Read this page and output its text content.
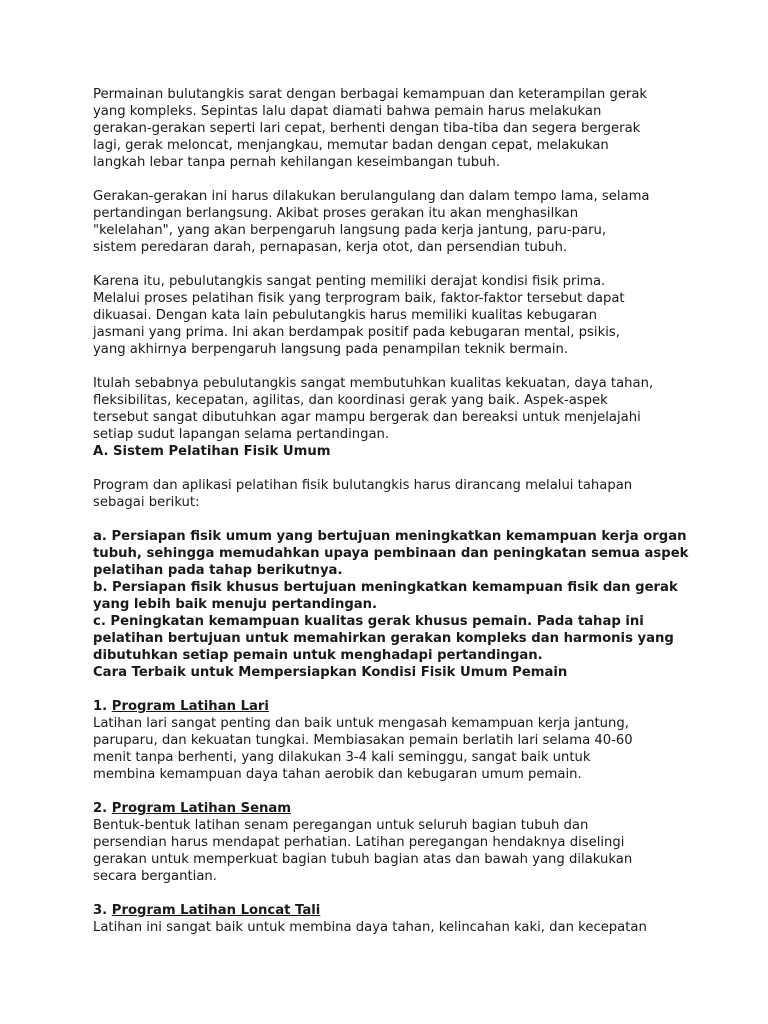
Permainan bulutangkis sarat dengan berbagai kemampuan dan keterampilan gerak
yang kompleks. Sepintas lalu dapat diamati bahwa pemain harus melakukan
gerakan-gerakan seperti lari cepat, berhenti dengan tiba-tiba dan segera bergerak
lagi, gerak meloncat, menjangkau, memutar badan dengan cepat, melakukan
langkah lebar tanpa pernah kehilangan keseimbangan tubuh.

Gerakan-gerakan ini harus dilakukan berulangulang dan dalam tempo lama, selama
pertandingan berlangsung. Akibat proses gerakan itu akan menghasilkan
"kelelahan", yang akan berpengaruh langsung pada kerja jantung, paru-paru,
sistem peredaran darah, pernapasan, kerja otot, dan persendian tubuh.

Karena itu, pebulutangkis sangat penting memiliki derajat kondisi fisik prima.
Melalui proses pelatihan fisik yang terprogram baik, faktor-faktor tersebut dapat
dikuasai. Dengan kata lain pebulutangkis harus memiliki kualitas kebugaran
jasmani yang prima. Ini akan berdampak positif pada kebugaran mental, psikis,
yang akhirnya berpengaruh langsung pada penampilan teknik bermain.

Itulah sebabnya pebulutangkis sangat membutuhkan kualitas kekuatan, daya tahan,
fleksibilitas, kecepatan, agilitas, dan koordinasi gerak yang baik. Aspek-aspek
tersebut sangat dibutuhkan agar mampu bergerak dan bereaksi untuk menjelajahi
setiap sudut lapangan selama pertandingan.

A. Sistem Pelatihan Fisik Umum

Program dan aplikasi pelatihan fisik bulutangkis harus dirancang melalui tahapan
sebagai berikut:

a. Persiapan fisik umum yang bertujuan meningkatkan kemampuan kerja organ
tubuh, sehingga memudahkan upaya pembinaan dan peningkatan semua aspek
pelatihan pada tahap berikutnya.
b. Persiapan fisik khusus bertujuan meningkatkan kemampuan fisik dan gerak
yang lebih baik menuju pertandingan.
c. Peningkatan kemampuan kualitas gerak khusus pemain. Pada tahap ini
pelatihan bertujuan untuk memahirkan gerakan kompleks dan harmonis yang
dibutuhkan setiap pemain untuk menghadapi pertandingan.

Cara Terbaik untuk Mempersiapkan Kondisi Fisik Umum Pemain

1. Program Latihan Lari

Latihan lari sangat penting dan baik untuk mengasah kemampuan kerja jantung,
paruparu, dan kekuatan tungkai. Membiasakan pemain berlatih lari selama 40-60
menit tanpa berhenti, yang dilakukan 3-4 kali seminggu, sangat baik untuk
membina kemampuan daya tahan aerobik dan kebugaran umum pemain.

2. Program Latihan Senam

Bentuk-bentuk latihan senam peregangan untuk seluruh bagian tubuh dan
persendian harus mendapat perhatian. Latihan peregangan hendaknya diselingi
gerakan untuk memperkuat bagian tubuh bagian atas dan bawah yang dilakukan
secara bergantian.

3. Program Latihan Loncat Tali

Latihan ini sangat baik untuk membina daya tahan, kelincahan kaki, dan kecepatan
